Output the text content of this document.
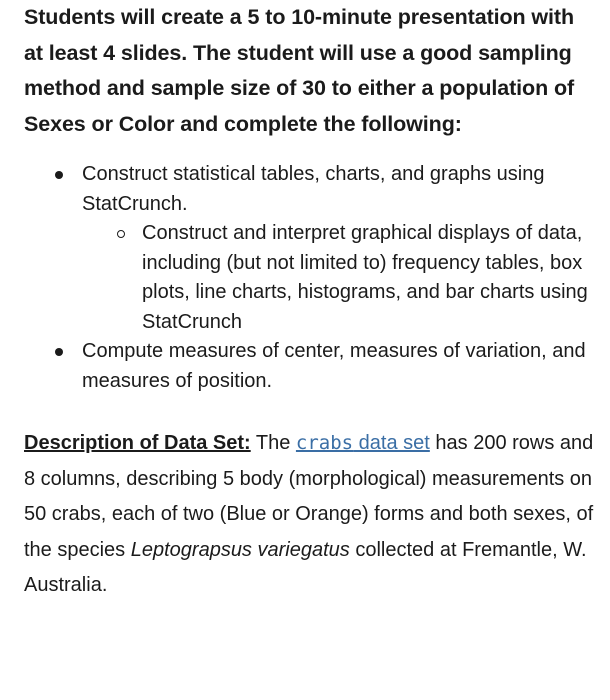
Students will create a 5 to 10-minute presentation with at least 4 slides. The student will use a good sampling method and sample size of 30 to either a population of Sexes or Color and complete the following:

Construct statistical tables, charts, and graphs using StatCrunch.
Construct and interpret graphical displays of data, including (but not limited to) frequency tables, box plots, line charts, histograms, and bar charts using StatCrunch
Compute measures of center, measures of variation, and measures of position.

Description of Data Set: The crabs data set has 200 rows and 8 columns, describing 5 body (morphological) measurements on 50 crabs, each of two (Blue or Orange) forms and both sexes, of the species Leptograpsus variegatus collected at Fremantle, W. Australia.
